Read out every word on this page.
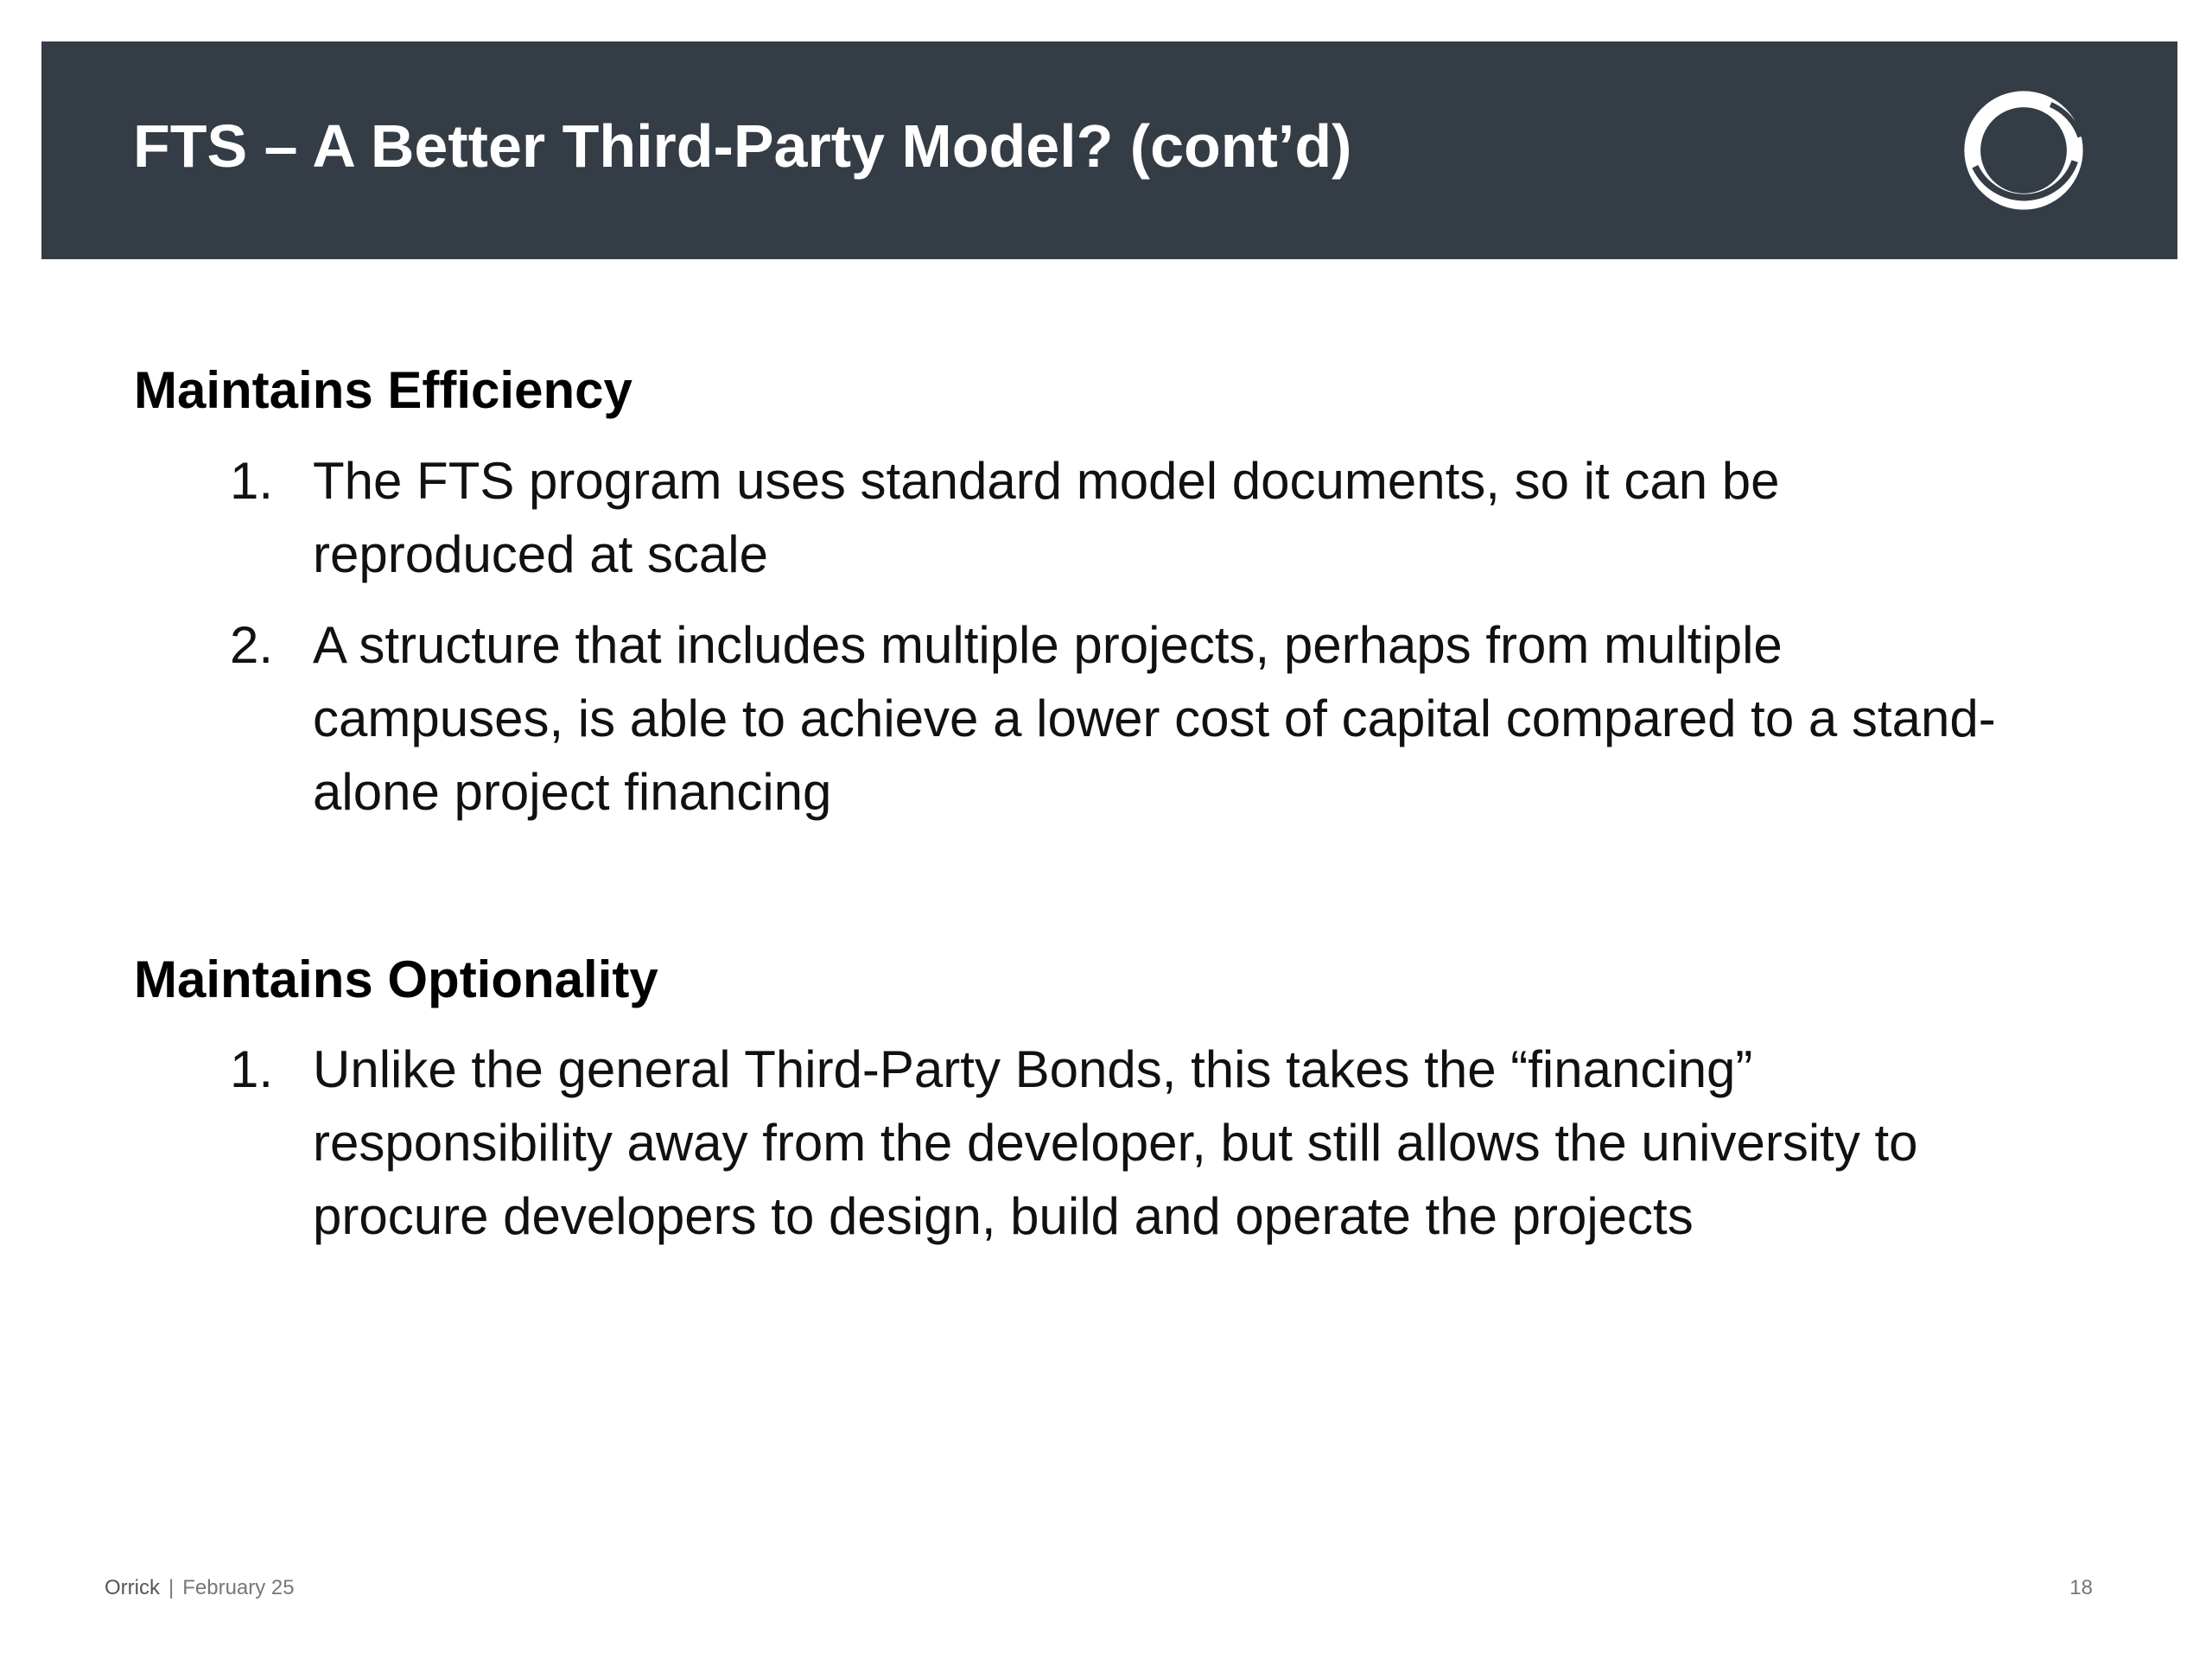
FTS – A Better Third-Party Model? (cont’d)
Maintains Efficiency
1. The FTS program uses standard model documents, so it can be reproduced at scale
2. A structure that includes multiple projects, perhaps from multiple campuses, is able to achieve a lower cost of capital compared to a stand-alone project financing
Maintains Optionality
1. Unlike the general Third-Party Bonds, this takes the “financing” responsibility away from the developer, but still allows the university to procure developers to design, build and operate the projects
Orrick | February 25	18
